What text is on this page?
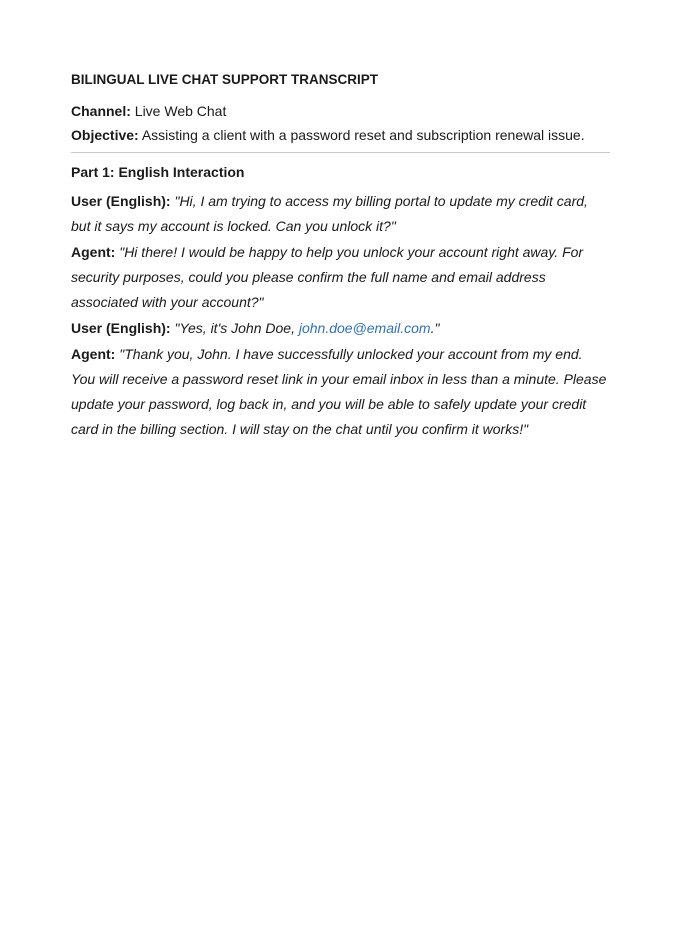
BILINGUAL LIVE CHAT SUPPORT TRANSCRIPT
Channel: Live Web Chat
Objective: Assisting a client with a password reset and subscription renewal issue.
Part 1: English Interaction
User (English): "Hi, I am trying to access my billing portal to update my credit card, but it says my account is locked. Can you unlock it?"
Agent: "Hi there! I would be happy to help you unlock your account right away. For security purposes, could you please confirm the full name and email address associated with your account?"
User (English): "Yes, it's John Doe, john.doe@email.com."
Agent: "Thank you, John. I have successfully unlocked your account from my end. You will receive a password reset link in your email inbox in less than a minute. Please update your password, log back in, and you will be able to safely update your credit card in the billing section. I will stay on the chat until you confirm it works!"
